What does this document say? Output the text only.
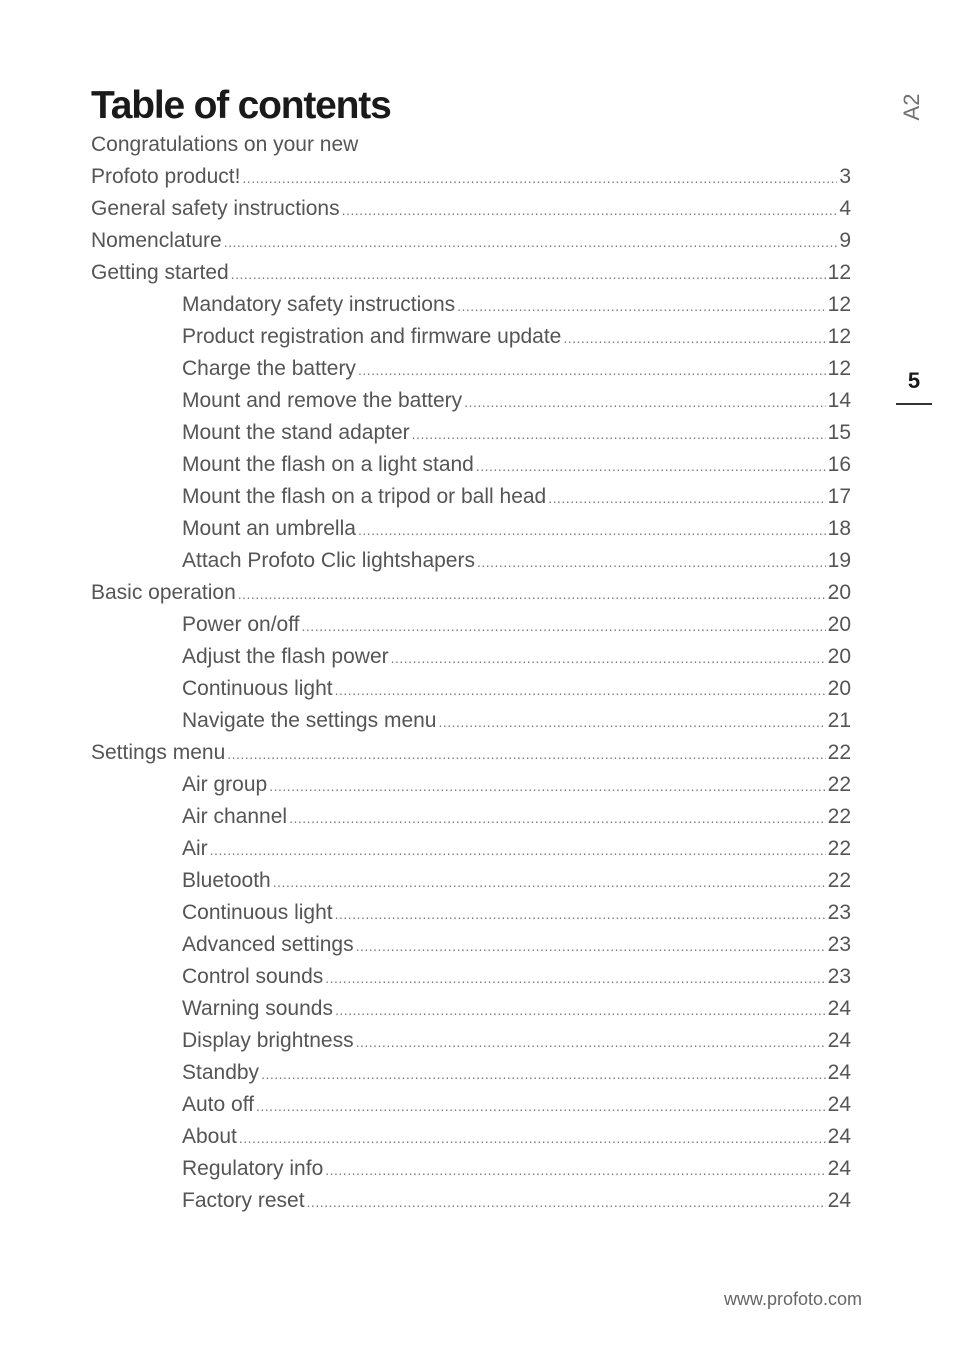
Table of contents	A2
5
Congratulations on your new
Profoto product! .....	3
General safety instructions .....	4
Nomenclature .....	9
Getting started .....	12
Mandatory safety instructions .....	12
Product registration and firmware update .....	12
Charge the battery .....	12
Mount and remove the battery .....	14
Mount the stand adapter .....	15
Mount the flash on a light stand .....	16
Mount the flash on a tripod or ball head .....	17
Mount an umbrella .....	18
Attach Profoto Clic lightshapers .....	19
Basic operation .....	20
Power on/off .....	20
Adjust the flash power .....	20
Continuous light .....	20
Navigate the settings menu .....	21
Settings menu .....	22
Air group .....	22
Air channel .....	22
Air .....	22
Bluetooth .....	22
Continuous light .....	23
Advanced settings .....	23
Control sounds .....	23
Warning sounds .....	24
Display brightness .....	24
Standby .....	24
Auto off .....	24
About .....	24
Regulatory info .....	24
Factory reset .....	24
www.profoto.com
